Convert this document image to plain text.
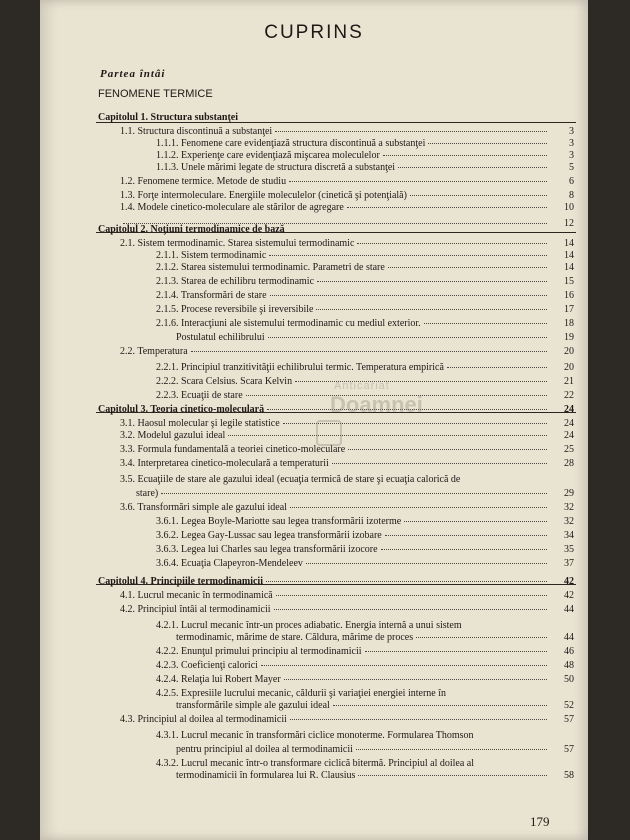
CUPRINS
Partea întâi
FENOMENE TERMICE
Capitolul 1. Structura substanţei
1.1. Structura discontinuă a substanţei	3
1.1.1. Fenomene care evidenţiază structura discontinuă a substanţei	3
1.1.2. Experienţe care evidenţiază mişcarea moleculelor	3
1.1.3. Unele mărimi legate de structura discretă a substanţei	5
1.2. Fenomene termice. Metode de studiu	6
1.3. Forţe intermoleculare. Energiile moleculelor (cinetică şi potenţială)	8
1.4. Modele cinetico-moleculare ale stărilor de agregare	10
12
Capitolul 2. Noţiuni termodinamice de bază
2.1. Sistem termodinamic. Starea sistemului termodinamic	14
2.1.1. Sistem termodinamic	14
2.1.2. Starea sistemului termodinamic. Parametri de stare	14
2.1.3. Starea de echilibru termodinamic	15
2.1.4. Transformări de stare	16
2.1.5. Procese reversibile şi ireversibile	17
2.1.6. Interacţiuni ale sistemului termodinamic cu mediul exterior.	18
Postulatul echilibrului	19
2.2. Temperatura	20
2.2.1. Principiul tranzitivităţii echilibrului termic. Temperatura empirică	20
2.2.2. Scara Celsius. Scara Kelvin	21
2.2.3. Ecuaţii de stare	22
Capitolul 3. Teoria cinetico-moleculară	24
3.1. Haosul molecular şi legile statistice	24
3.2. Modelul gazului ideal	24
3.3. Formula fundamentală a teoriei cinetico-moleculare	25
3.4. Interpretarea cinetico-moleculară a temperaturii	28
3.5. Ecuaţiile de stare ale gazului ideal (ecuaţia termică de stare şi ecuaţia calorică de
stare)	29
3.6. Transformări simple ale gazului ideal	32
3.6.1. Legea Boyle-Mariotte sau legea transformării izoterme	32
3.6.2. Legea Gay-Lussac sau legea transformării izobare	34
3.6.3. Legea lui Charles sau legea transformării izocore	35
3.6.4. Ecuaţia Clapeyron-Mendeleev	37
Capitolul 4. Principiile termodinamicii	42
4.1. Lucrul mecanic în termodinamică	42
4.2. Principiul întâi al termodinamicii	44
4.2.1. Lucrul mecanic într-un proces adiabatic. Energia internă a unui sistem
termodinamic, mărime de stare. Căldura, mărime de proces	44
4.2.2. Enunţul primului principiu al termodinamicii	46
4.2.3. Coeficienţi calorici	48
4.2.4. Relaţia lui Robert Mayer	50
4.2.5. Expresiile lucrului mecanic, căldurii şi variaţiei energiei interne în
transformările simple ale gazului ideal	52
4.3. Principiul al doilea al termodinamicii	57
4.3.1. Lucrul mecanic în transformări ciclice monoterme. Formularea Thomson
pentru principiul al doilea al termodinamicii	57
4.3.2. Lucrul mecanic într-o transformare ciclică bitermă. Principiul al doilea al
termodinamicii în formularea lui R. Clausius	58
Anticariat
Doamnei
179
